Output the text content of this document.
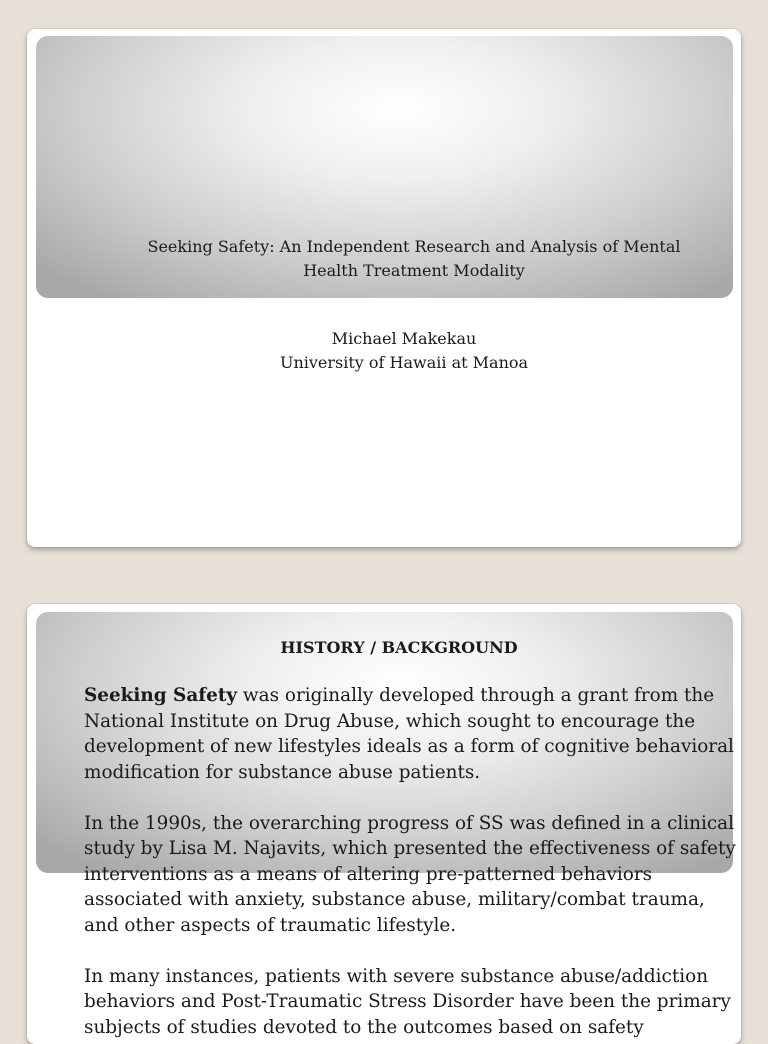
Seeking Safety: An Independent Research and Analysis of Mental
Health Treatment Modality
Michael Makekau
University of Hawaii at Manoa
HISTORY / BACKGROUND

Seeking Safety was originally developed through a grant from the National Institute on Drug Abuse, which sought to encourage the development of new lifestyles ideals as a form of cognitive behavioral modification for substance abuse patients.

In the 1990s, the overarching progress of SS was defined in a clinical study by Lisa M. Najavits, which presented the effectiveness of safety interventions as a means of altering pre-patterned behaviors associated with anxiety, substance abuse, military/combat trauma, and other aspects of traumatic lifestyle.

In many instances, patients with severe substance abuse/addiction behaviors and Post-Traumatic Stress Disorder have been the primary subjects of studies devoted to the outcomes based on safety
